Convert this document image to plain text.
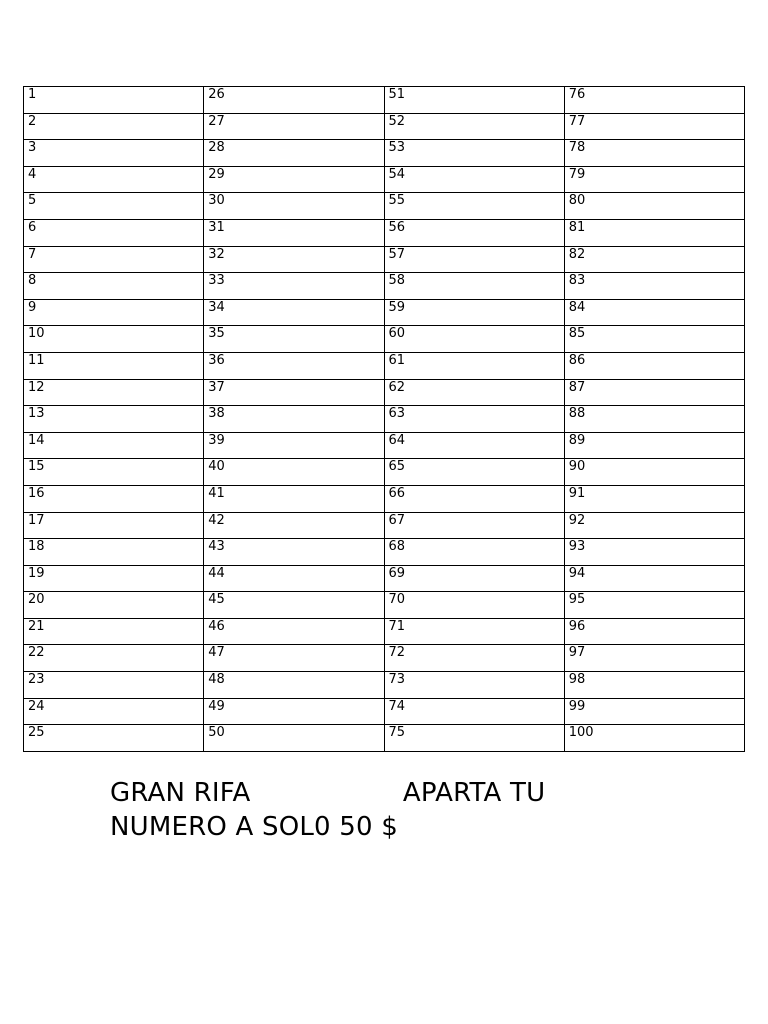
1	26	51	76
2	27	52	77
3	28	53	78
4	29	54	79
5	30	55	80
6	31	56	81
7	32	57	82
8	33	58	83
9	34	59	84
10	35	60	85
11	36	61	86
12	37	62	87
13	38	63	88
14	39	64	89
15	40	65	90
16	41	66	91
17	42	67	92
18	43	68	93
19	44	69	94
20	45	70	95
21	46	71	96
22	47	72	97
23	48	73	98
24	49	74	99
25	50	75	100
GRAN RIFA                  APARTA TU
NUMERO A SOL0 50 $
